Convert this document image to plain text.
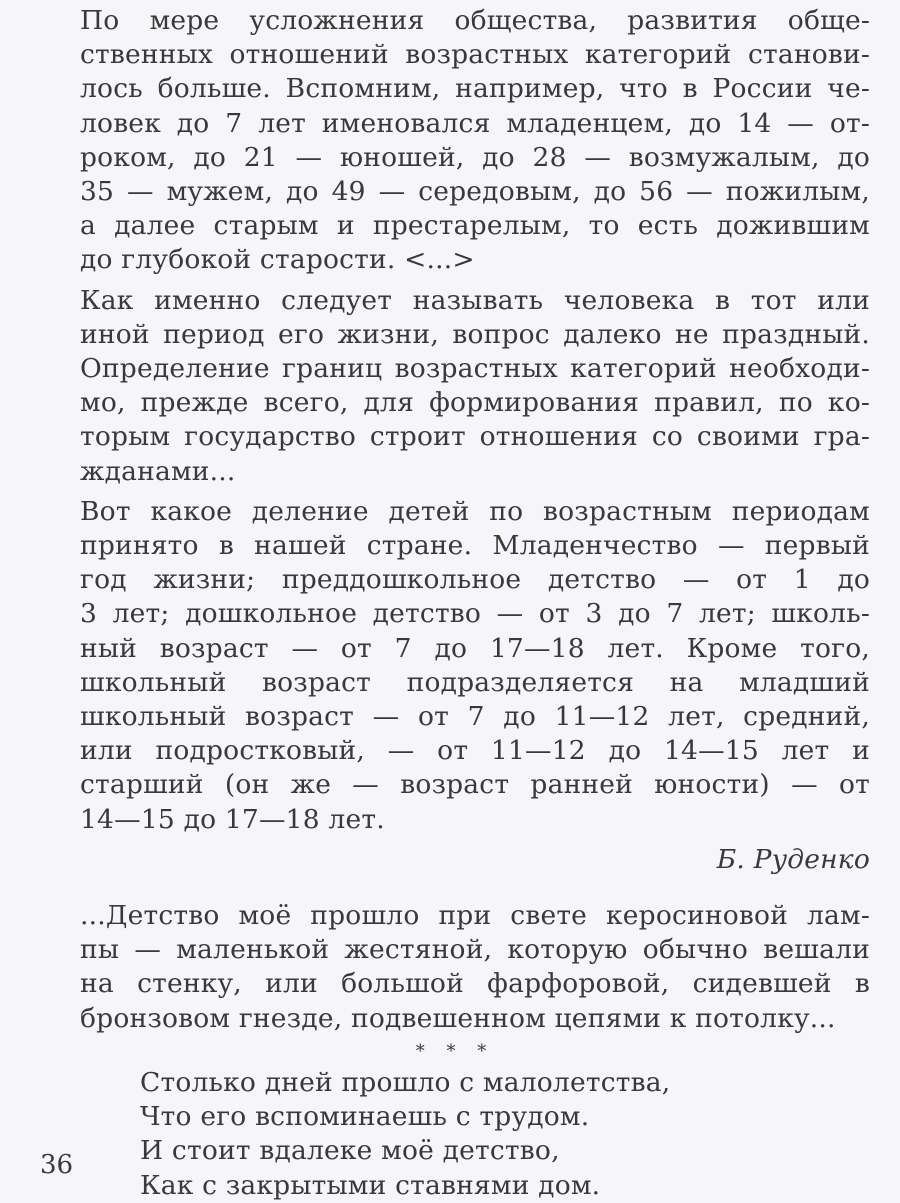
По мере усложнения общества, развития обще-
ственных отношений возрастных категорий станови-
лось больше. Вспомним, например, что в России че-
ловек до 7 лет именовался младенцем, до 14 — от-
роком, до 21 — юношей, до 28 — возмужалым, до
35 — мужем, до 49 — середовым, до 56 — пожилым,
а далее старым и престарелым, то есть дожившим
до глубокой старости. <...>
Как именно следует называть человека в тот или
иной период его жизни, вопрос далеко не праздный.
Определение границ возрастных категорий необходи-
мо, прежде всего, для формирования правил, по ко-
торым государство строит отношения со своими гра-
жданами...
Вот какое деление детей по возрастным периодам
принято в нашей стране. Младенчество — первый
год жизни; преддошкольное детство — от 1 до
3 лет; дошкольное детство — от 3 до 7 лет; школь-
ный возраст — от 7 до 17—18 лет. Кроме того,
школьный возраст подразделяется на младший
школьный возраст — от 7 до 11—12 лет, средний,
или подростковый, — от 11—12 до 14—15 лет и
старший (он же — возраст ранней юности) — от
14—15 до 17—18 лет.
Б. Руденко
...Детство моё прошло при свете керосиновой лам-
пы — маленькой жестяной, которую обычно вешали
на стенку, или большой фарфоровой, сидевшей в
бронзовом гнезде, подвешенном цепями к потолку...
* * *
Столько дней прошло с малолетства,
Что его вспоминаешь с трудом.
И стоит вдалеке моё детство,
Как с закрытыми ставнями дом.
36
